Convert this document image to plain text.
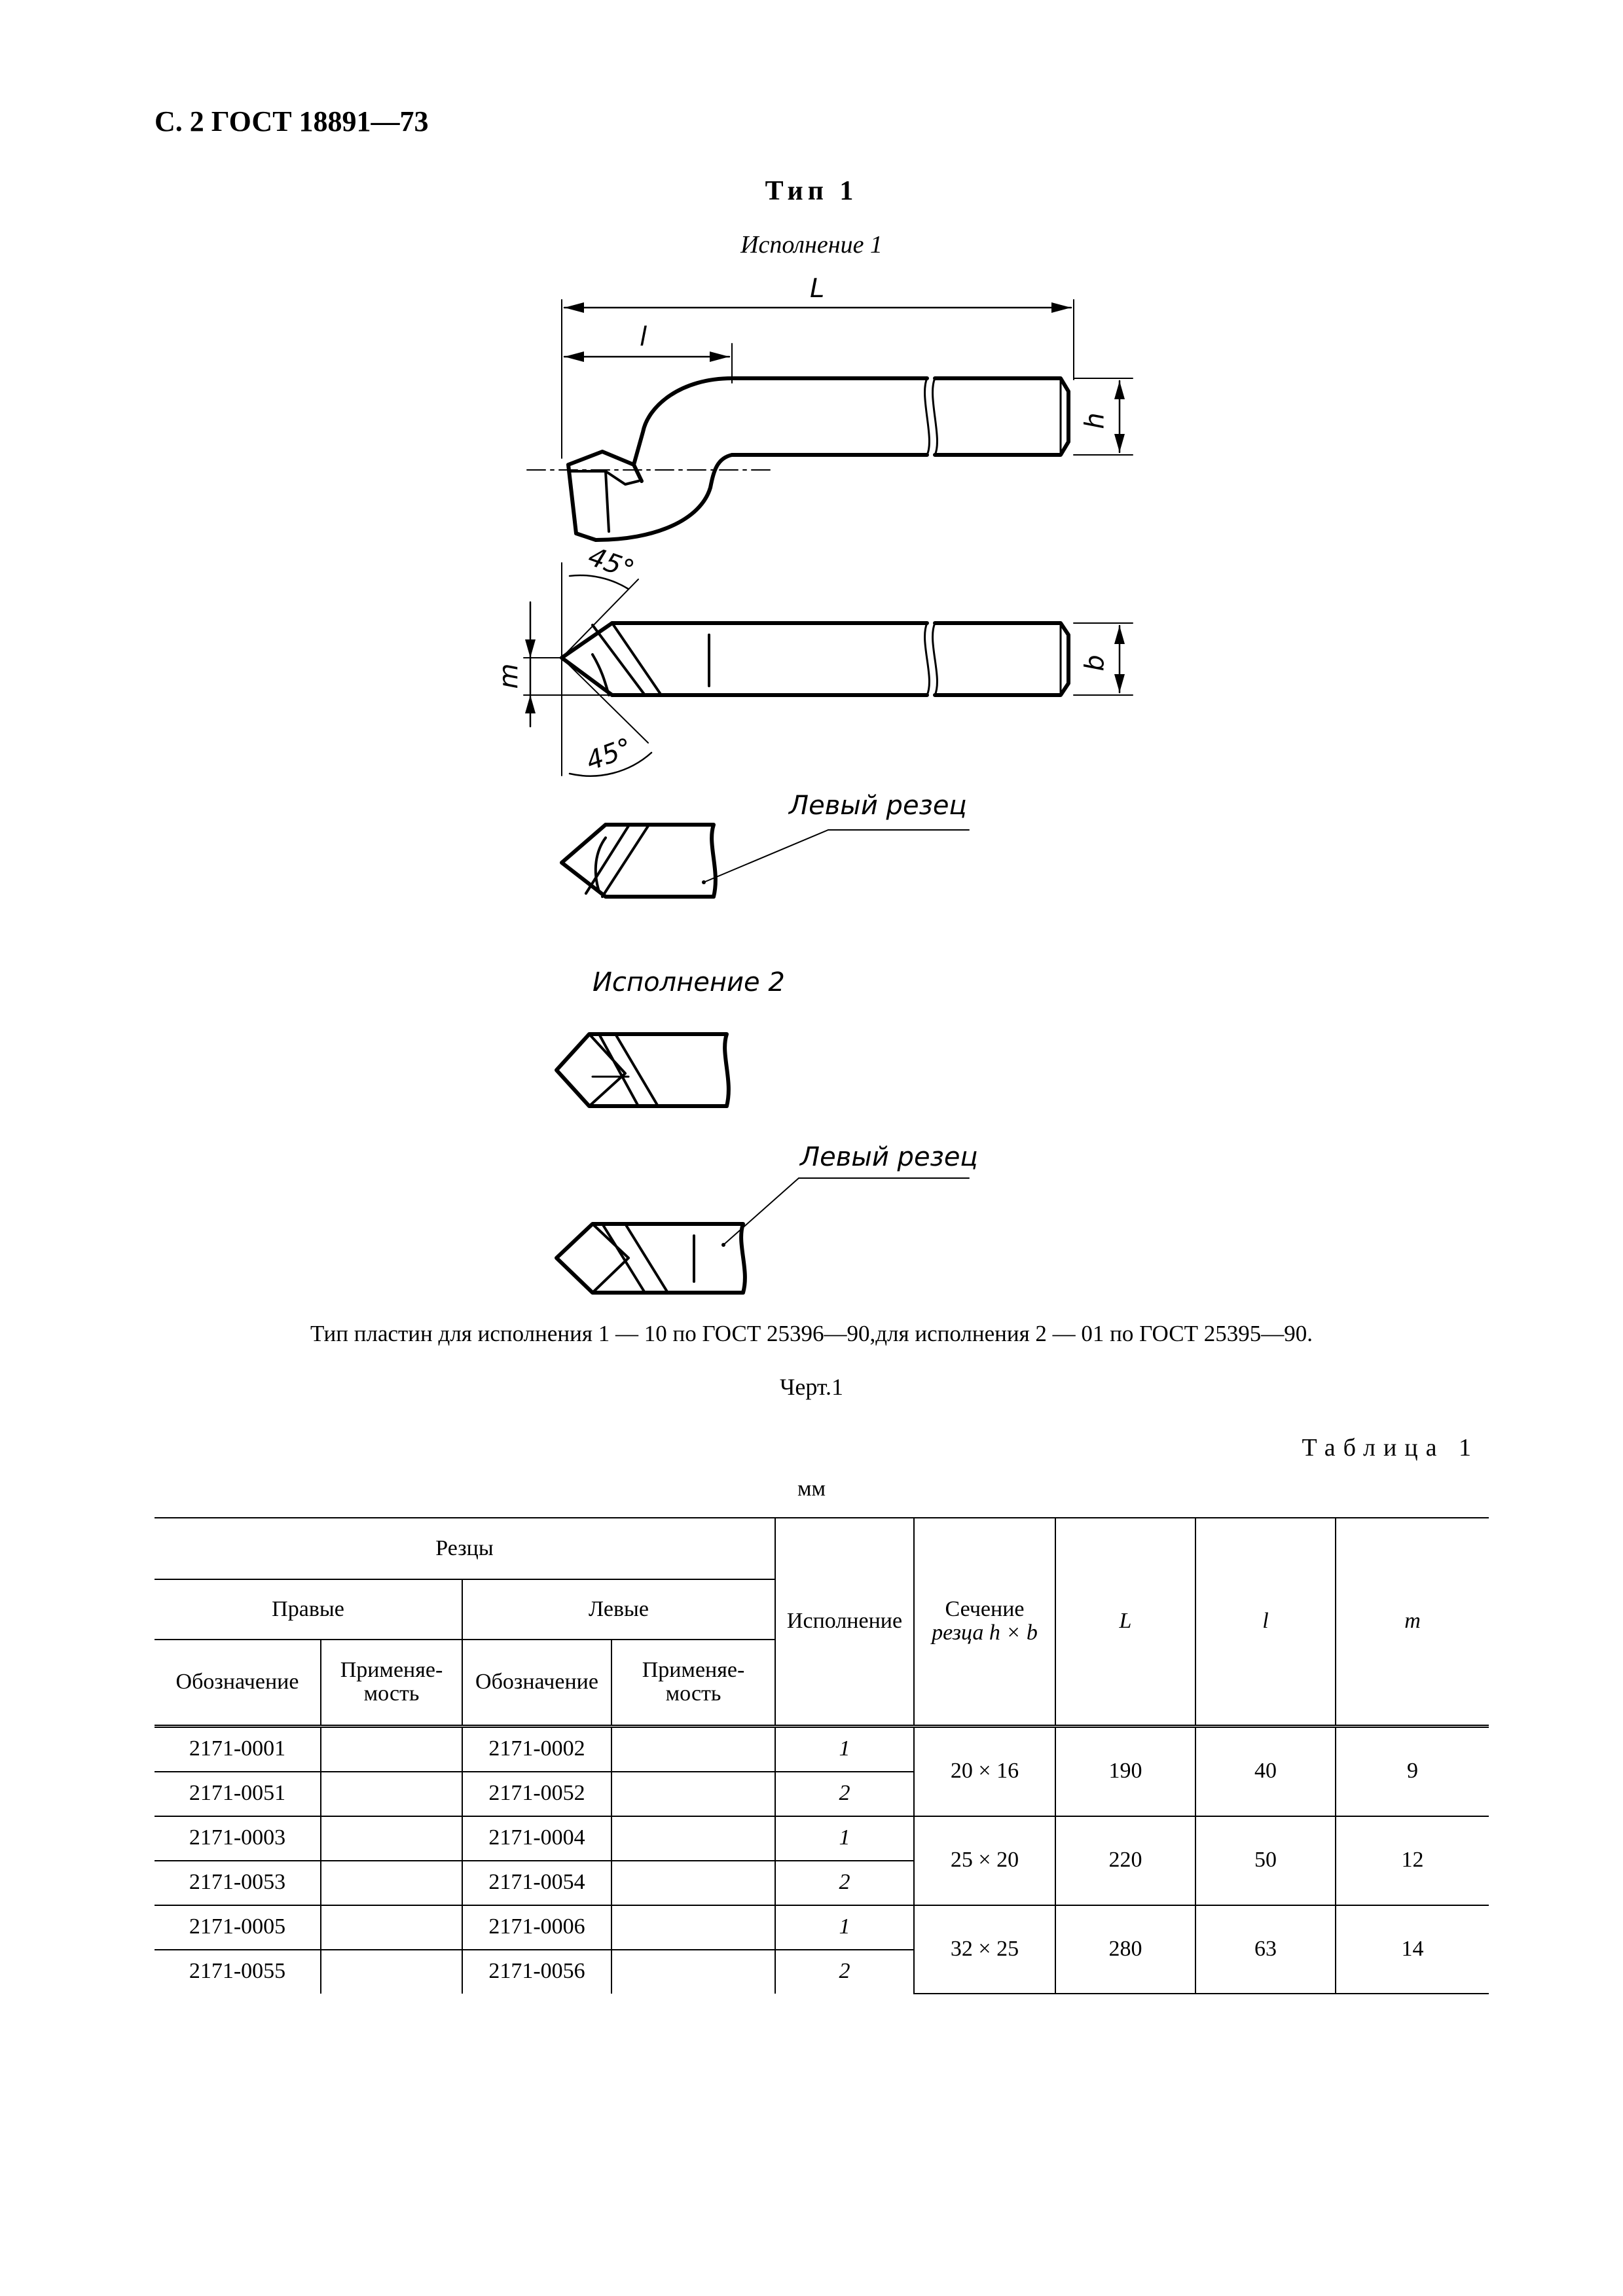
С. 2 ГОСТ 18891—73
Тип 1
Исполнение 1
L
l
h
b
m
45°
45°
Левый резец
Исполнение 2
Левый резец
Тип пластин для исполнения 1 — 10 по ГОСТ 25396—90,для исполнения 2 — 01 по ГОСТ 25395—90.
Черт.1
Таблица 1
мм
Резцы				Исполнение	Сечение
резца h × b	L	l	m
Правые		Левые						
Обозначение	Применяе-мость	Обозначение	Применяе-мость					
2171-0001		2171-0002		1	20 × 16	190	40	9
2171-0051		2171-0052		2				
2171-0003		2171-0004		1	25 × 20	220	50	12
2171-0053		2171-0054		2				
2171-0005		2171-0006		1	32 × 25	280	63	14
2171-0055		2171-0056		2				
